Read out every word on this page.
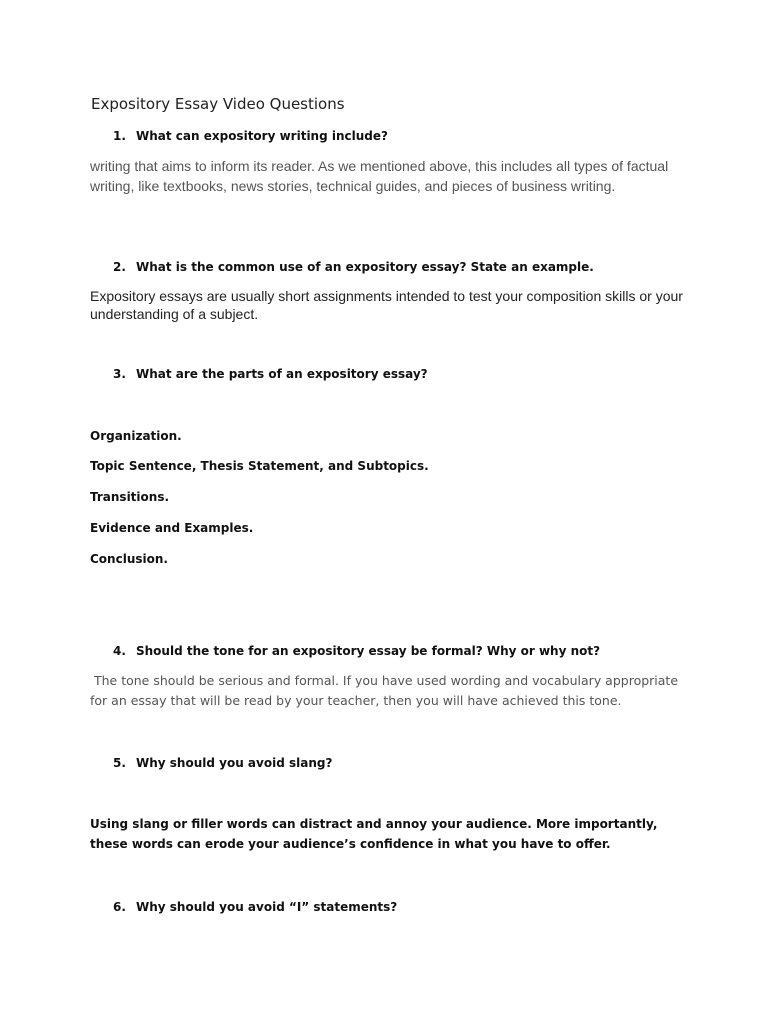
Expository Essay Video Questions
1. What can expository writing include?
writing that aims to inform its reader. As we mentioned above, this includes all types of factual writing, like textbooks, news stories, technical guides, and pieces of business writing.
2. What is the common use of an expository essay? State an example.
Expository essays are usually short assignments intended to test your composition skills or your understanding of a subject.
3. What are the parts of an expository essay?
Organization.
Topic Sentence, Thesis Statement, and Subtopics.
Transitions.
Evidence and Examples.
Conclusion.
4. Should the tone for an expository essay be formal? Why or why not?
The tone should be serious and formal. If you have used wording and vocabulary appropriate for an essay that will be read by your teacher, then you will have achieved this tone.
5. Why should you avoid slang?
Using slang or filler words can distract and annoy your audience. More importantly, these words can erode your audience’s confidence in what you have to offer.
6. Why should you avoid “I” statements?
